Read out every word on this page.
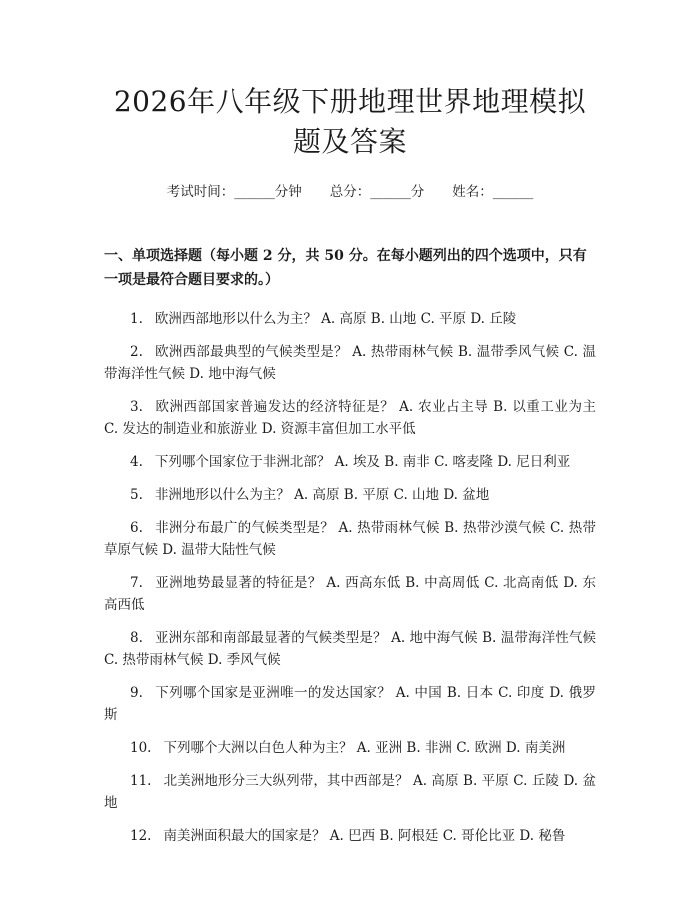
2026年八年级下册地理世界地理模拟题及答案
考试时间：______分钟 总分：______分 姓名：______
一、单项选择题（每小题 2 分，共 50 分。在每小题列出的四个选项中，只有一项是最符合题目要求的。）

1. 欧洲西部地形以什么为主？ A. 高原 B. 山地 C. 平原 D. 丘陵

2. 欧洲西部最典型的气候类型是？ A. 热带雨林气候 B. 温带季风气候 C. 温带海洋性气候 D. 地中海气候

3. 欧洲西部国家普遍发达的经济特征是？ A. 农业占主导 B. 以重工业为主 C. 发达的制造业和旅游业 D. 资源丰富但加工水平低

4. 下列哪个国家位于非洲北部？ A. 埃及 B. 南非 C. 喀麦隆 D. 尼日利亚

5. 非洲地形以什么为主？ A. 高原 B. 平原 C. 山地 D. 盆地

6. 非洲分布最广的气候类型是？ A. 热带雨林气候 B. 热带沙漠气候 C. 热带草原气候 D. 温带大陆性气候

7. 亚洲地势最显著的特征是？ A. 西高东低 B. 中高周低 C. 北高南低 D. 东高西低

8. 亚洲东部和南部最显著的气候类型是？ A. 地中海气候 B. 温带海洋性气候 C. 热带雨林气候 D. 季风气候

9. 下列哪个国家是亚洲唯一的发达国家？ A. 中国 B. 日本 C. 印度 D. 俄罗斯

10. 下列哪个大洲以白色人种为主？ A. 亚洲 B. 非洲 C. 欧洲 D. 南美洲

11. 北美洲地形分三大纵列带，其中西部是？ A. 高原 B. 平原 C. 丘陵 D. 盆地

12. 南美洲面积最大的国家是？ A. 巴西 B. 阿根廷 C. 哥伦比亚 D. 秘鲁
